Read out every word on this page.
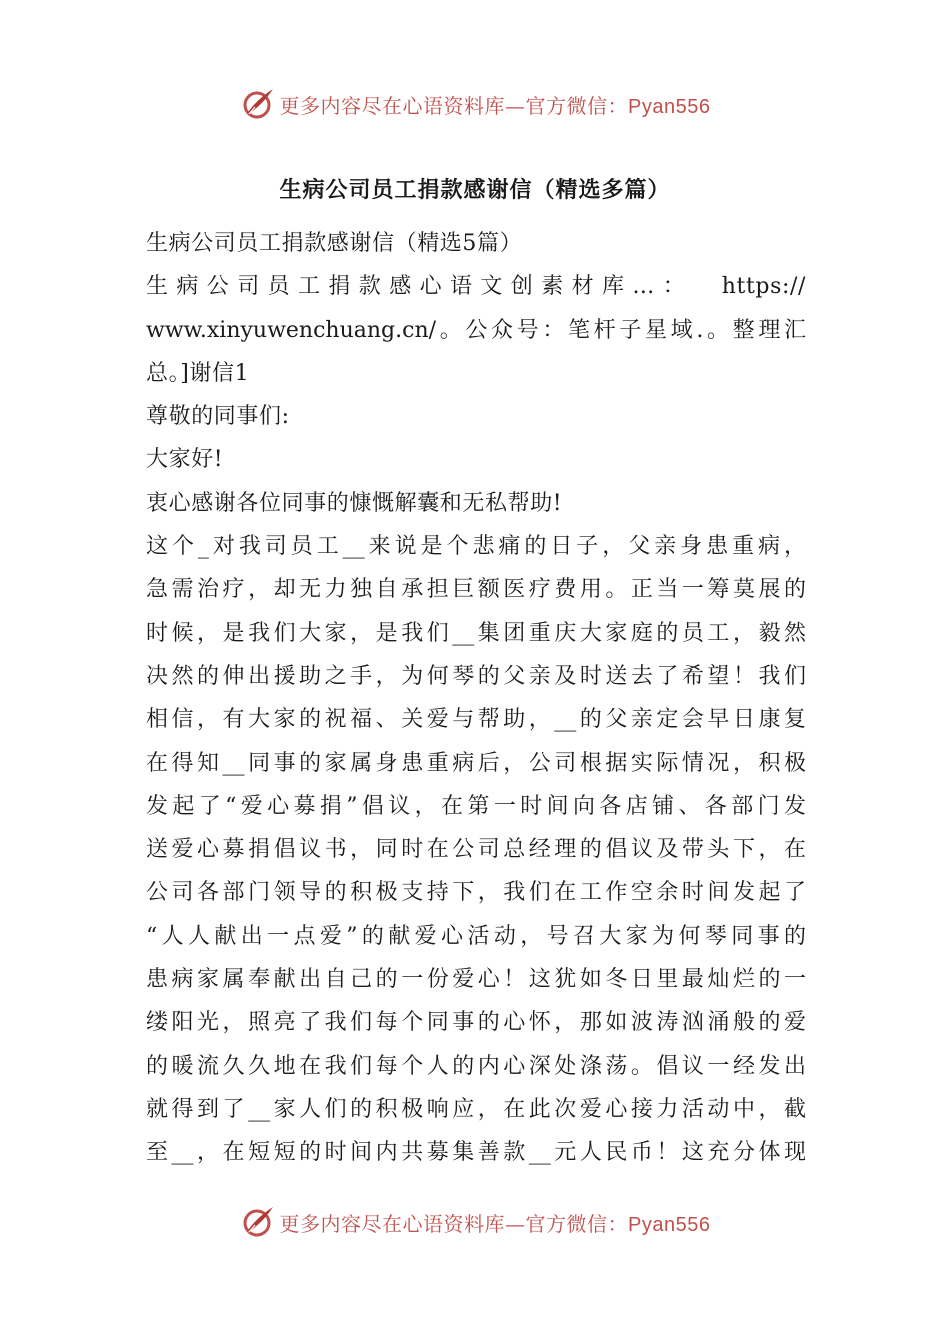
更多内容尽在心语资料库—官方微信：Pyan556
生病公司员工捐款感谢信（精选多篇）
生病公司员工捐款感谢信（精选5篇）
生病公司员工捐款感心语文创素材库…： https://
www.xinyuwenchuang.cn/。公众号：笔杆子星域.。整理汇
总。]谢信1
尊敬的同事们:
大家好!
衷心感谢各位同事的慷慨解囊和无私帮助!
这个_对我司员工__来说是个悲痛的日子，父亲身患重病，
急需治疗，却无力独自承担巨额医疗费用。正当一筹莫展的
时候，是我们大家，是我们__集团重庆大家庭的员工，毅然
决然的伸出援助之手，为何琴的父亲及时送去了希望！我们
相信，有大家的祝福、关爱与帮助，__的父亲定会早日康复
在得知__同事的家属身患重病后，公司根据实际情况，积极
发起了“爱心募捐”倡议，在第一时间向各店铺、各部门发
送爱心募捐倡议书，同时在公司总经理的倡议及带头下，在
公司各部门领导的积极支持下，我们在工作空余时间发起了
“人人献出一点爱”的献爱心活动，号召大家为何琴同事的
患病家属奉献出自己的一份爱心！这犹如冬日里最灿烂的一
缕阳光，照亮了我们每个同事的心怀，那如波涛汹涌般的爱
的暖流久久地在我们每个人的内心深处涤荡。倡议一经发出
就得到了__家人们的积极响应，在此次爱心接力活动中，截
至__，在短短的时间内共募集善款__元人民币！这充分体现
更多内容尽在心语资料库—官方微信：Pyan556
